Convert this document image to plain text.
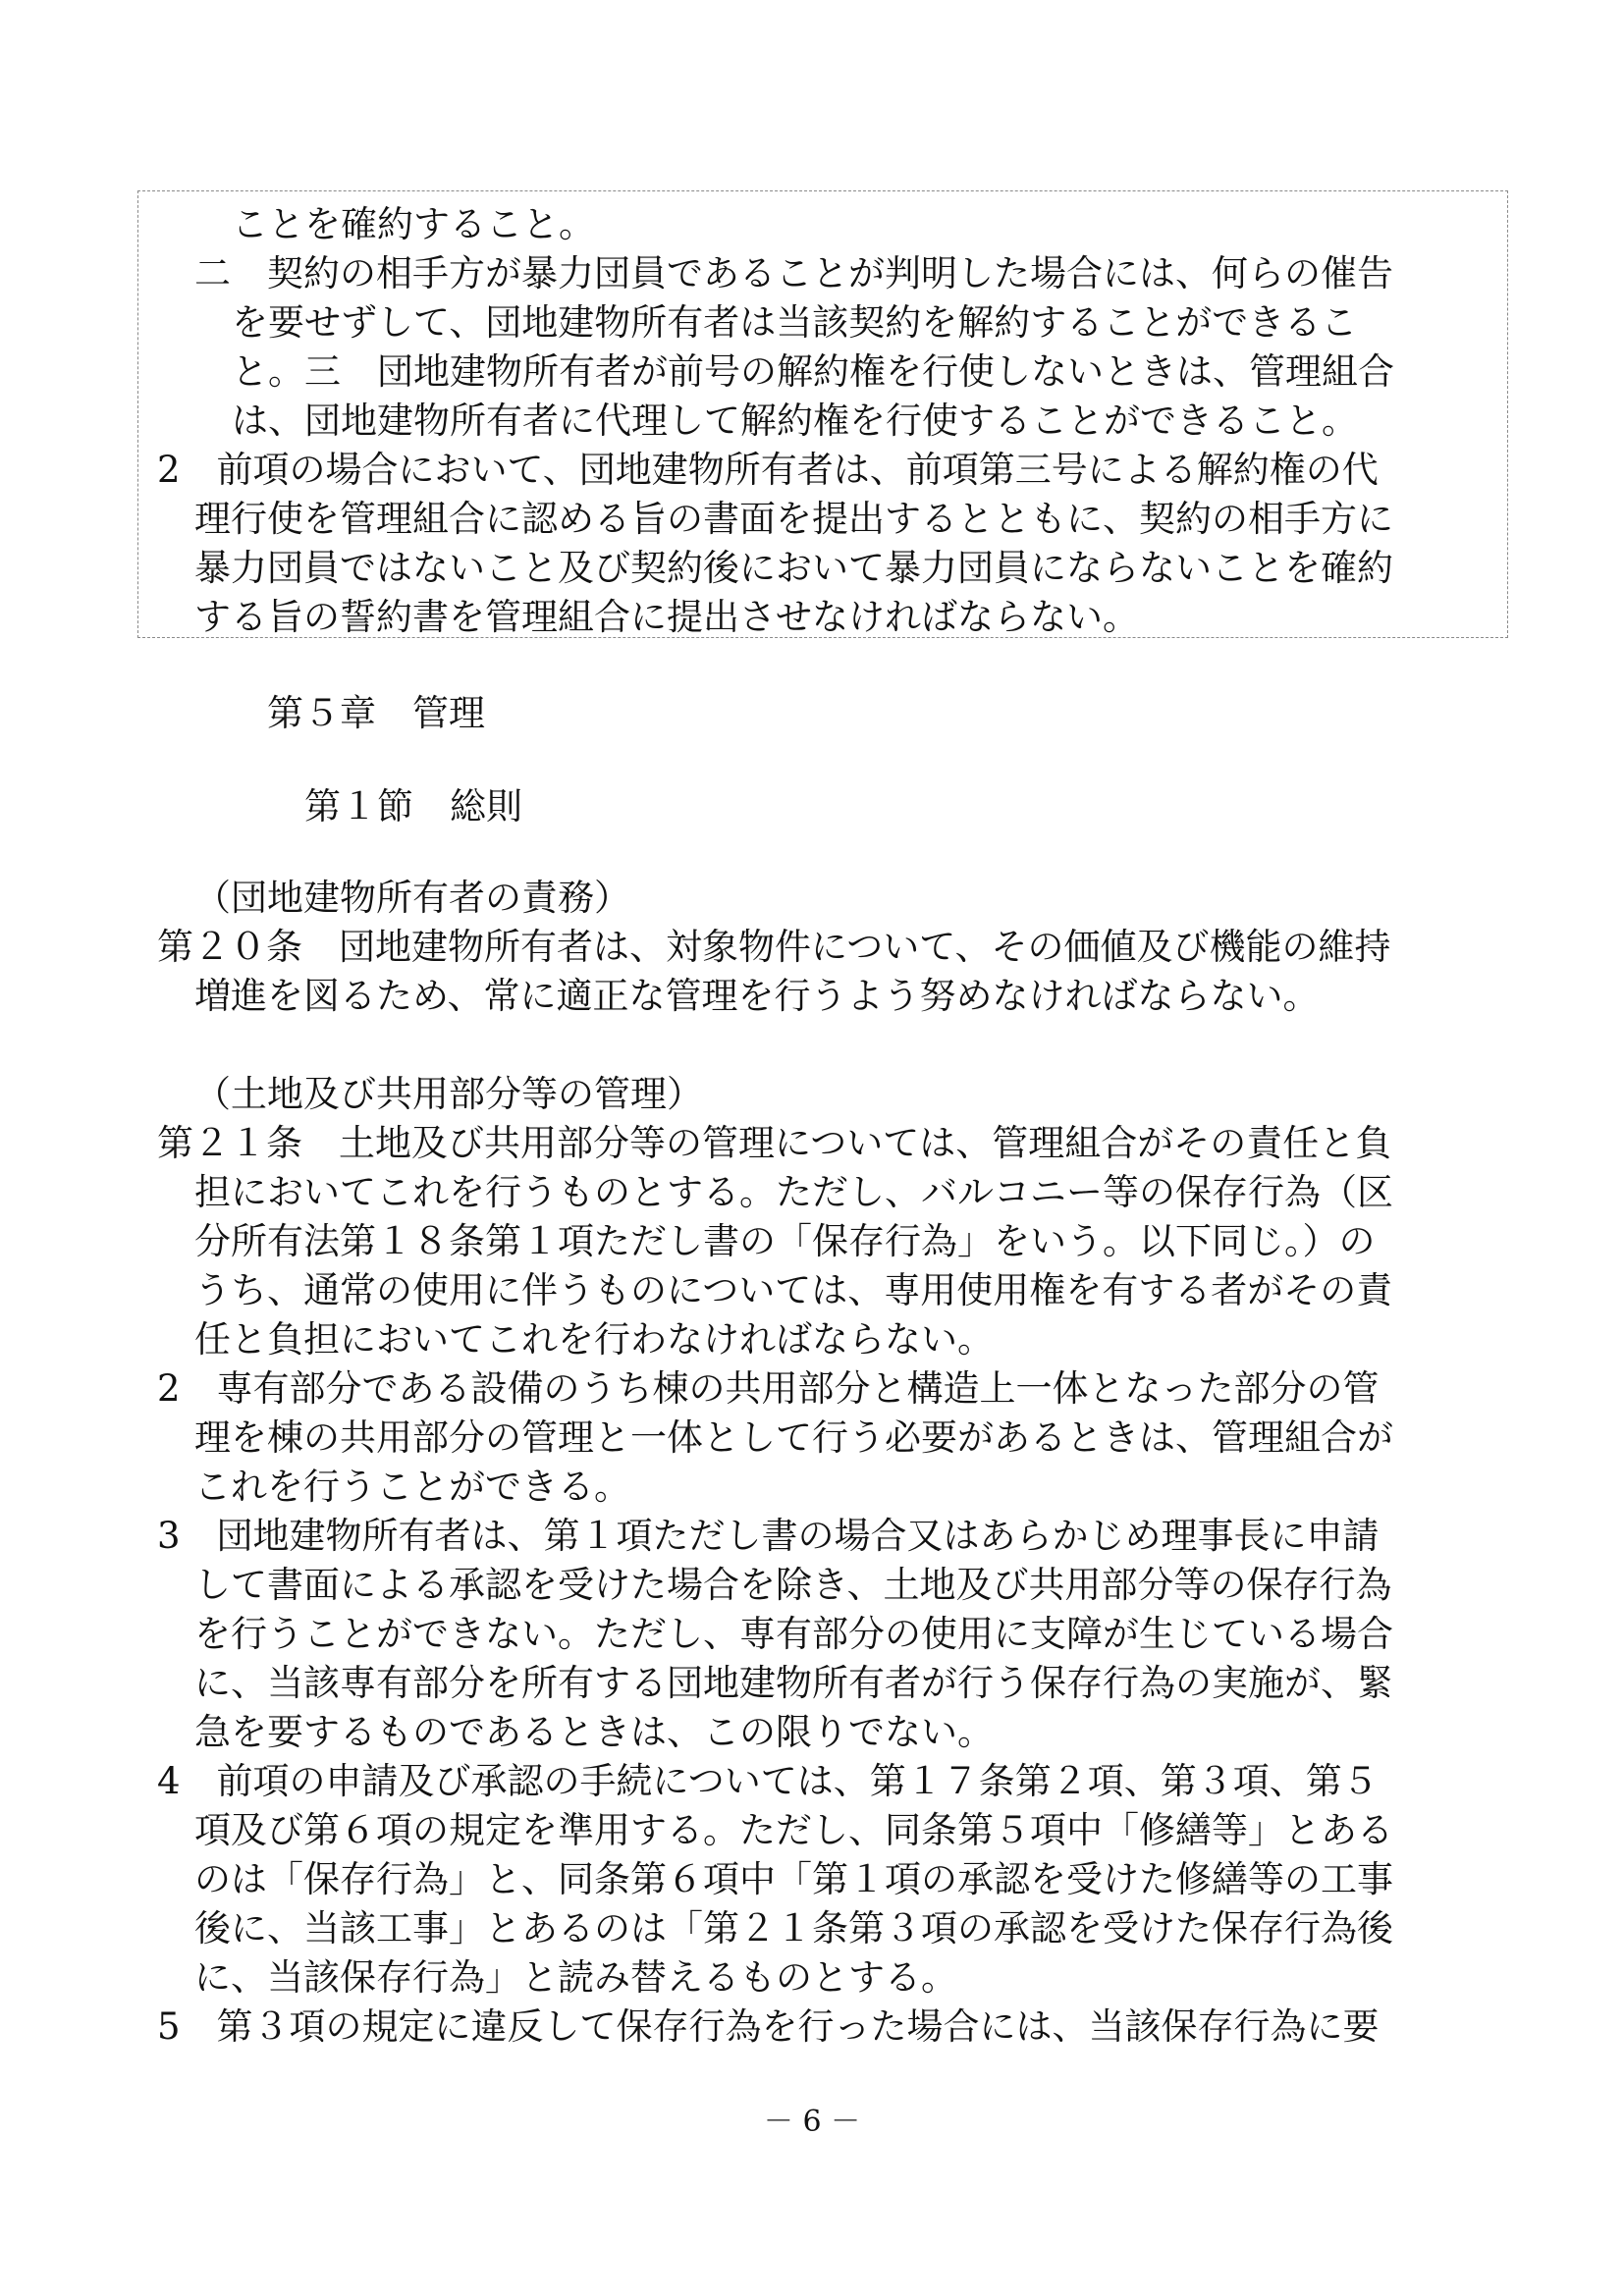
ことを確約すること。
二　契約の相手方が暴力団員であることが判明した場合には、何らの催告
を要せずして、団地建物所有者は当該契約を解約することができるこ
と。三　団地建物所有者が前号の解約権を行使しないときは、管理組合
は、団地建物所有者に代理して解約権を行使することができること。
2　前項の場合において、団地建物所有者は、前項第三号による解約権の代
理行使を管理組合に認める旨の書面を提出するとともに、契約の相手方に
暴力団員ではないこと及び契約後において暴力団員にならないことを確約
する旨の誓約書を管理組合に提出させなければならない。
第５章　管理
第１節　総則
（団地建物所有者の責務）
第２０条　団地建物所有者は、対象物件について、その価値及び機能の維持
増進を図るため、常に適正な管理を行うよう努めなければならない。
（土地及び共用部分等の管理）
第２１条　土地及び共用部分等の管理については、管理組合がその責任と負
担においてこれを行うものとする。ただし、バルコニー等の保存行為（区
分所有法第１８条第１項ただし書の「保存行為」をいう。以下同じ。）の
うち、通常の使用に伴うものについては、専用使用権を有する者がその責
任と負担においてこれを行わなければならない。
2　専有部分である設備のうち棟の共用部分と構造上一体となった部分の管
理を棟の共用部分の管理と一体として行う必要があるときは、管理組合が
これを行うことができる。
3　団地建物所有者は、第１項ただし書の場合又はあらかじめ理事長に申請
して書面による承認を受けた場合を除き、土地及び共用部分等の保存行為
を行うことができない。ただし、専有部分の使用に支障が生じている場合
に、当該専有部分を所有する団地建物所有者が行う保存行為の実施が、緊
急を要するものであるときは、この限りでない。
4　前項の申請及び承認の手続については、第１７条第２項、第３項、第５
項及び第６項の規定を準用する。ただし、同条第５項中「修繕等」とある
のは「保存行為」と、同条第６項中「第１項の承認を受けた修繕等の工事
後に、当該工事」とあるのは「第２１条第３項の承認を受けた保存行為後
に、当該保存行為」と読み替えるものとする。
5　第３項の規定に違反して保存行為を行った場合には、当該保存行為に要
－ 6 －
